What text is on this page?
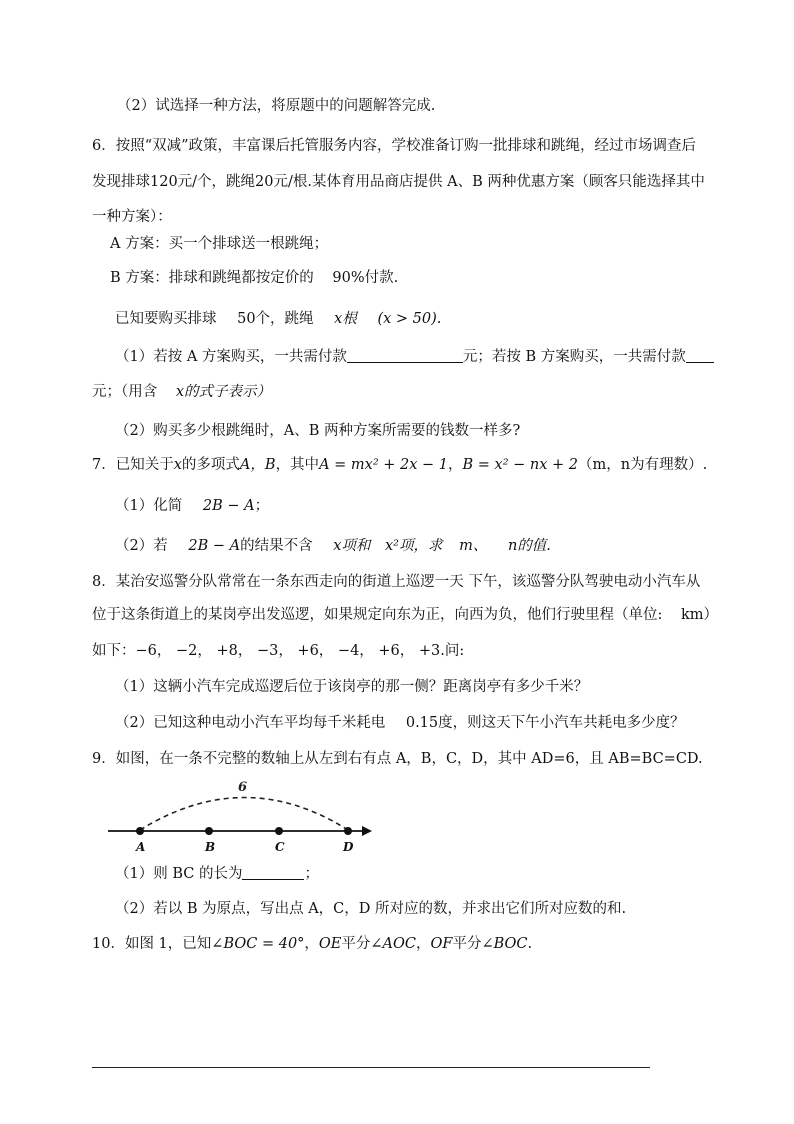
（2）试选择一种方法，将原题中的问题解答完成.
6．按照“双减”政策，丰富课后托管服务内容，学校准备订购一批排球和跳绳，经过市场调查后
发现排球120元/个，跳绳20元/根.某体育用品商店提供 A、B 两种优惠方案（顾客只能选择其中
一种方案）：
A 方案：买一个排球送一根跳绳；
B 方案：排球和跳绳都按定价的 90%付款.
已知要购买排球 50个，跳绳 x根 (x > 50).
（1）若按 A 方案购买，一共需付款	元；若按 B 方案购买，一共需付款
元；（用含 x的式子表示）
（2）购买多少根跳绳时，A、B 两种方案所需要的钱数一样多?
7．已知关于x的多项式A，B，其中A = mx² + 2x − 1，B = x² − nx + 2（m，n为有理数）.
（1）化简 2B − A；
（2）若 2B − A的结果不含 x项和 x²项，求 m、 n的值.
8．某治安巡警分队常常在一条东西走向的街道上巡逻一天 下午，该巡警分队驾驶电动小汽车从
位于这条街道上的某岗亭出发巡逻，如果规定向东为正，向西为负，他们行驶里程（单位: km）
如下：−6， −2， +8， −3， +6， −4， +6， +3.问:
（1）这辆小汽车完成巡逻后位于该岗亭的那一侧？距离岗亭有多少千米？
（2）已知这种电动小汽车平均每千米耗电 0.15度，则这天下午小汽车共耗电多少度？
9．如图，在一条不完整的数轴上从左到右有点 A，B，C，D，其中 AD=6，且 AB=BC=CD.
6
A	B	C	D
（1）则 BC 的长为	；
（2）若以 B 为原点，写出点 A，C，D 所对应的数，并求出它们所对应数的和.
10．如图 1，已知∠BOC = 40°，OE平分∠AOC，OF平分∠BOC.
